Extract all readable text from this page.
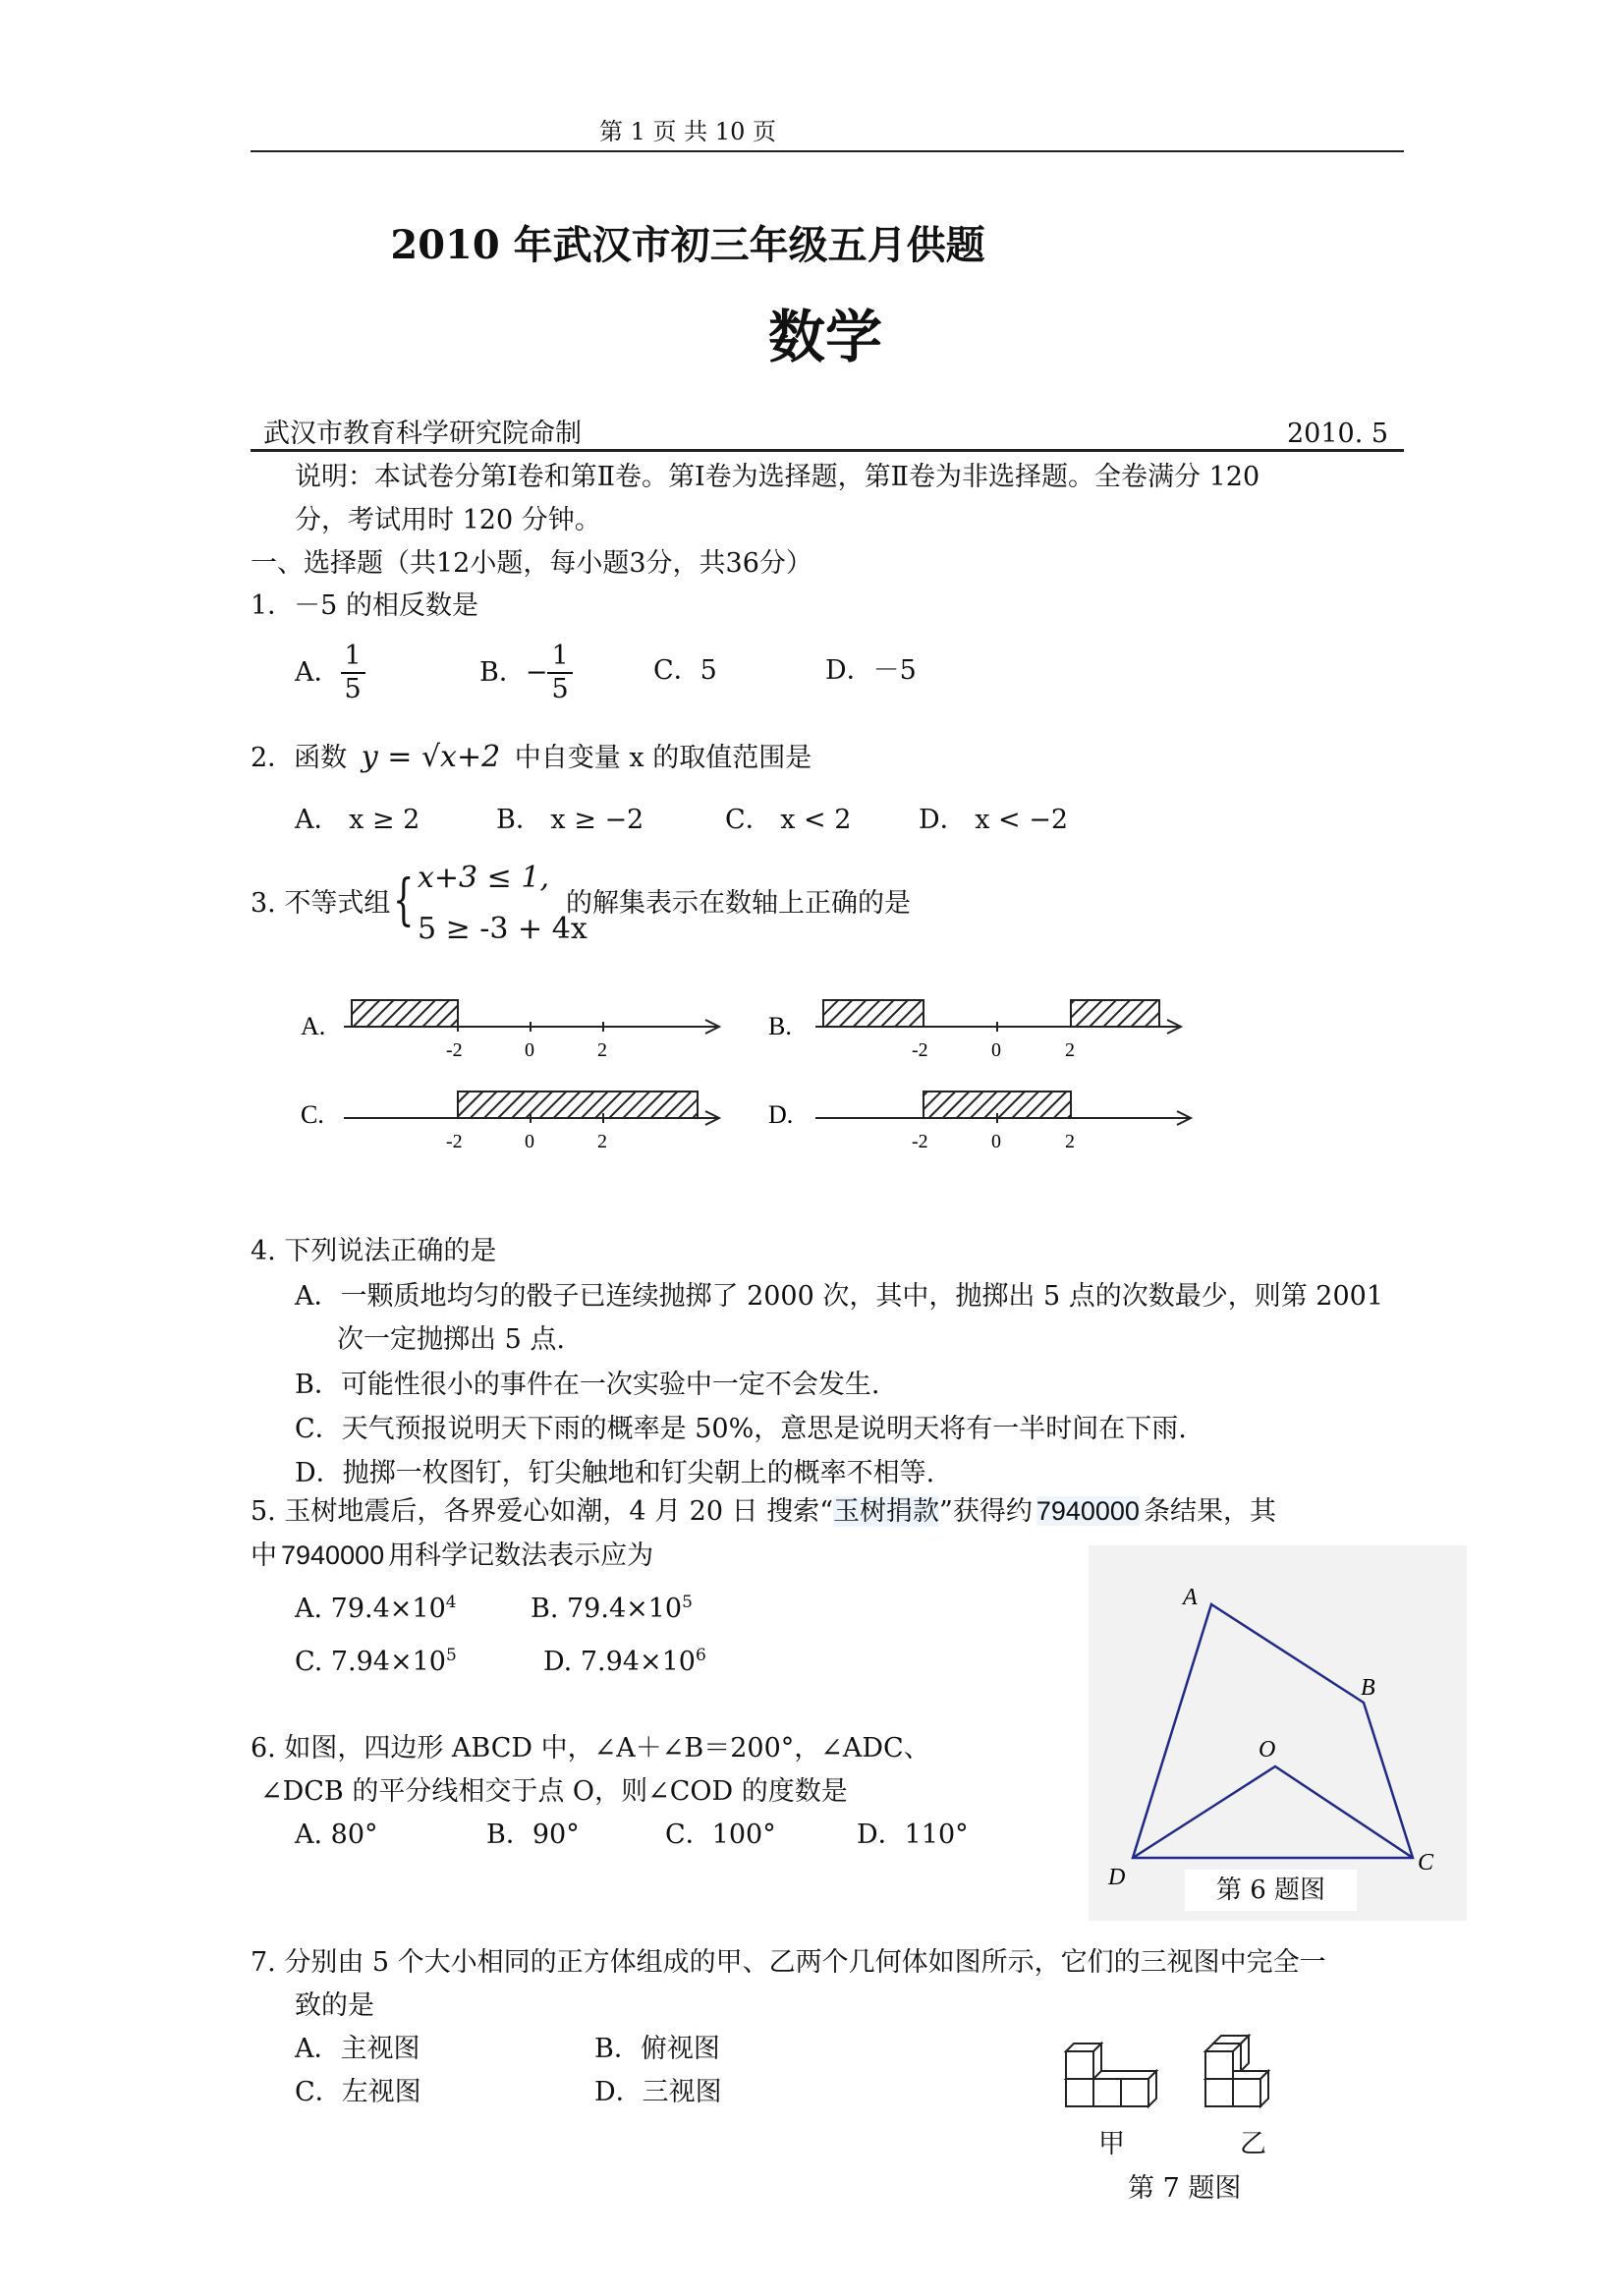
第 1 页 共 10 页
2010 年武汉市初三年级五月供题
数学
武汉市教育科学研究院命制	2010. 5
说明：本试卷分第Ⅰ卷和第Ⅱ卷。第Ⅰ卷为选择题，第Ⅱ卷为非选择题。全卷满分 120
分，考试用时 120 分钟。
一、选择题（共12小题，每小题3分，共36分）
1．－5 的相反数是
A． $\frac{1}{5}$	B． − $\frac{1}{5}$	C．5	D．－5
2．函数 y = √x+2 中自变量 x 的取值范围是
A． x ≥ 2	B． x ≥ −2	C． x < 2	D． x < −2
3. 不等式组 { x+3 ≤ 1,
5 ≥ -3 + 4x
的解集表示在数轴上正确的是
A.
-2	0	2
B.
-2	0	2
C.
-2	0	2
D.
-2	0	2
4. 下列说法正确的是
A．一颗质地均匀的骰子已连续抛掷了 2000 次，其中，抛掷出 5 点的次数最少，则第 2001
次一定抛掷出 5 点.
B．可能性很小的事件在一次实验中一定不会发生.
C．天气预报说明天下雨的概率是 50%，意思是说明天将有一半时间在下雨.
D．抛掷一枚图钉，钉尖触地和钉尖朝上的概率不相等.
5. 玉树地震后，各界爱心如潮，4 月 20 日 搜索“玉树捐款”获得约 7940000 条结果，其
中 7940000 用科学记数法表示应为
A. $79.4\times 10^4$	B. $79.4\times 10^5$
C. $7.94\times 10^5$	D. $7.94\times 10^6$
6. 如图，四边形 ABCD 中，∠A＋∠B＝200°，∠ADC、
∠DCB 的平分线相交于点 O，则∠COD 的度数是
A. 80°	B．90°	C．100°	D．110°
A
B
C
D
O
第 6 题图
7. 分别由 5 个大小相同的正方体组成的甲、乙两个几何体如图所示，它们的三视图中完全一
致的是
A．主视图	B．俯视图
C．左视图	D．三视图
甲	乙
第 7 题图
